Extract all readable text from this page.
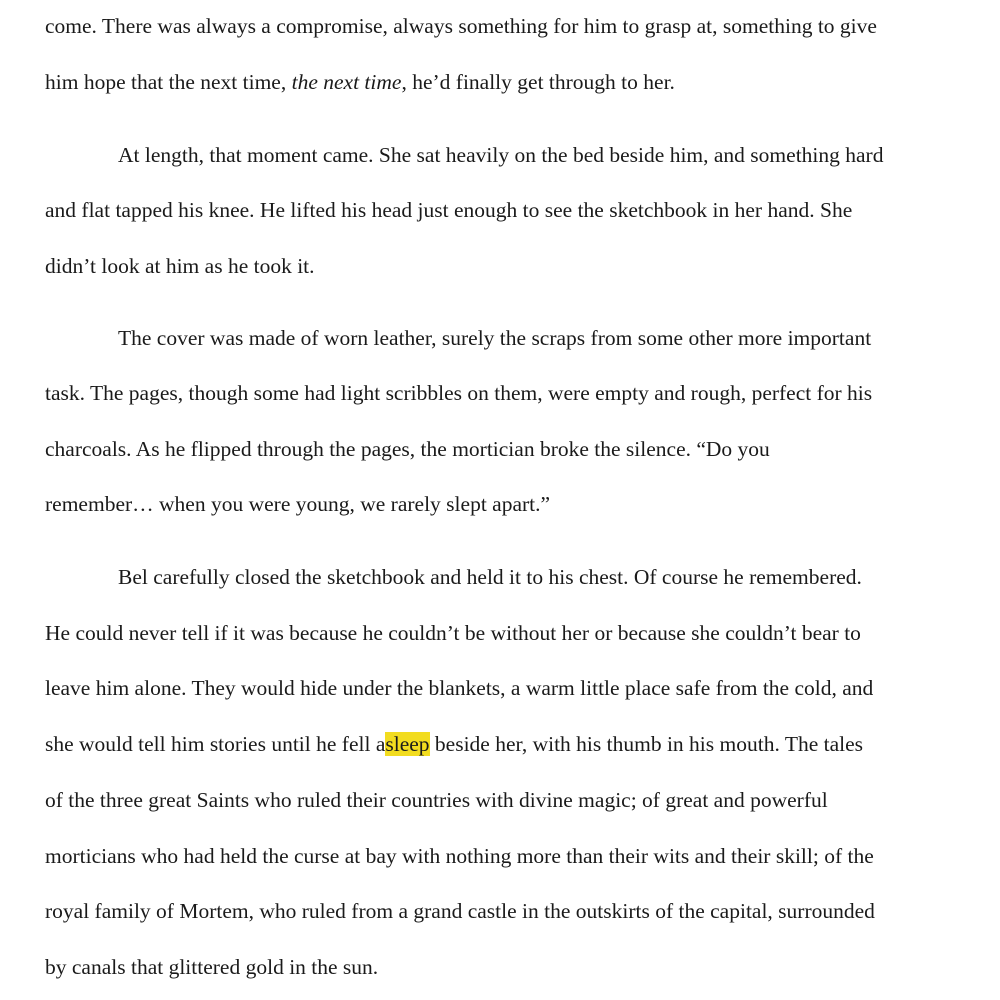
come. There was always a compromise, always something for him to grasp at, something to give
him hope that the next time, the next time, he’d finally get through to her.
At length, that moment came. She sat heavily on the bed beside him, and something hard
and flat tapped his knee. He lifted his head just enough to see the sketchbook in her hand. She
didn’t look at him as he took it.
The cover was made of worn leather, surely the scraps from some other more important
task. The pages, though some had light scribbles on them, were empty and rough, perfect for his
charcoals. As he flipped through the pages, the mortician broke the silence. “Do you
remember… when you were young, we rarely slept apart.”
Bel carefully closed the sketchbook and held it to his chest. Of course he remembered.
He could never tell if it was because he couldn’t be without her or because she couldn’t bear to
leave him alone. They would hide under the blankets, a warm little place safe from the cold, and
she would tell him stories until he fell asleep beside her, with his thumb in his mouth. The tales
of the three great Saints who ruled their countries with divine magic; of great and powerful
morticians who had held the curse at bay with nothing more than their wits and their skill; of the
royal family of Mortem, who ruled from a grand castle in the outskirts of the capital, surrounded
by canals that glittered gold in the sun.
